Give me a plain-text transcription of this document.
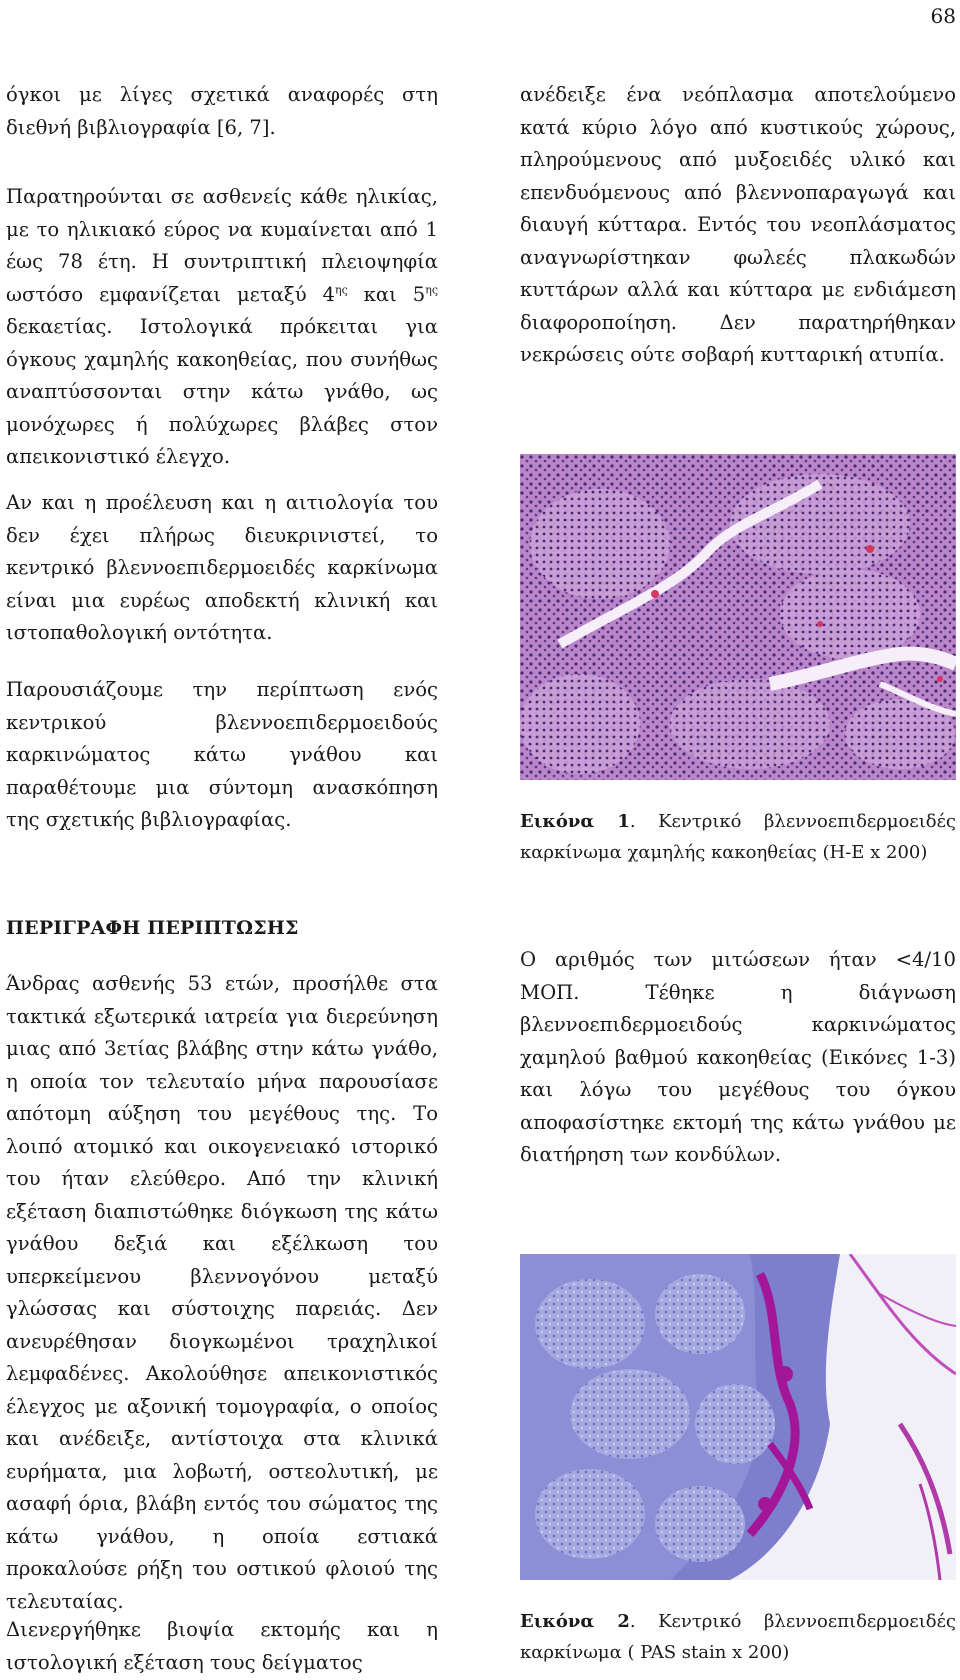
68

όγκοι με λίγες σχετικά αναφορές στη διεθνή βιβλιογραφία [6, 7].

Παρατηρούνται σε ασθενείς κάθε ηλικίας, με το ηλικιακό εύρος να κυμαίνεται από 1 έως 78 έτη. Η συντριπτική πλειοψηφία ωστόσο εμφανίζεται μεταξύ $4^{\eta\varsigma}$ και $5^{\eta\varsigma}$ δεκαετίας. Ιστολογικά πρόκειται για όγκους χαμηλής κακοηθείας, που συνήθως αναπτύσσονται στην κάτω γνάθο, ως μονόχωρες ή πολύχωρες βλάβες στον απεικονιστικό έλεγχο.

Αν και η προέλευση και η αιτιολογία του δεν έχει πλήρως διευκρινιστεί, το κεντρικό βλεννοεπιδερμοειδές καρκίνωμα είναι μια ευρέως αποδεκτή κλινική και ιστοπαθολογική οντότητα.

Παρουσιάζουμε την περίπτωση ενός κεντρικού βλεννοεπιδερμοειδούς καρκινώματος κάτω γνάθου και παραθέτουμε μια σύντομη ανασκόπηση της σχετικής βιβλιογραφίας.

ΠΕΡΙΓΡΑΦΗ ΠΕΡΙΠΤΩΣΗΣ

Άνδρας ασθενής 53 ετών, προσήλθε στα τακτικά εξωτερικά ιατρεία για διερεύνηση μιας από 3ετίας βλάβης στην κάτω γνάθο, η οποία τον τελευταίο μήνα παρουσίασε απότομη αύξηση του μεγέθους της. Το λοιπό ατομικό και οικογενειακό ιστορικό του ήταν ελεύθερο. Από την κλινική εξέταση διαπιστώθηκε διόγκωση της κάτω γνάθου δεξιά και εξέλκωση του υπερκείμενου βλεννογόνου μεταξύ γλώσσας και σύστοιχης παρειάς. Δεν ανευρέθησαν διογκωμένοι τραχηλικοί λεμφαδένες. Ακολούθησε απεικονιστικός έλεγχος με αξονική τομογραφία, ο οποίος και ανέδειξε, αντίστοιχα στα κλινικά ευρήματα, μια λοβωτή, οστεολυτική, με ασαφή όρια, βλάβη εντός του σώματος της κάτω γνάθου, η οποία εστιακά προκαλούσε ρήξη του οστικού φλοιού της τελευταίας.

Διενεργήθηκε βιοψία εκτομής και η ιστολογική εξέταση τους δείγματος

ανέδειξε ένα νεόπλασμα αποτελούμενο κατά κύριο λόγο από κυστικούς χώρους, πληρούμενους από μυξοειδές υλικό και επενδυόμενους από βλεννοπαραγωγά και διαυγή κύτταρα. Εντός του νεοπλάσματος αναγνωρίστηκαν φωλεές πλακωδών κυττάρων αλλά και κύτταρα με ενδιάμεση διαφοροποίηση. Δεν παρατηρήθηκαν νεκρώσεις ούτε σοβαρή κυτταρική ατυπία.

Εικόνα 1. Κεντρικό βλεννοεπιδερμοειδές καρκίνωμα χαμηλής κακοηθείας (Η-Ε x 200)

Ο αριθμός των μιτώσεων ήταν <4/10 ΜΟΠ. Τέθηκε η διάγνωση βλεννοεπιδερμοειδούς καρκινώματος χαμηλού βαθμού κακοηθείας (Εικόνες 1-3) και λόγω του μεγέθους του όγκου αποφασίστηκε εκτομή της κάτω γνάθου με διατήρηση των κονδύλων.

Εικόνα 2. Κεντρικό βλεννοεπιδερμοειδές καρκίνωμα ( PAS stain x 200)
